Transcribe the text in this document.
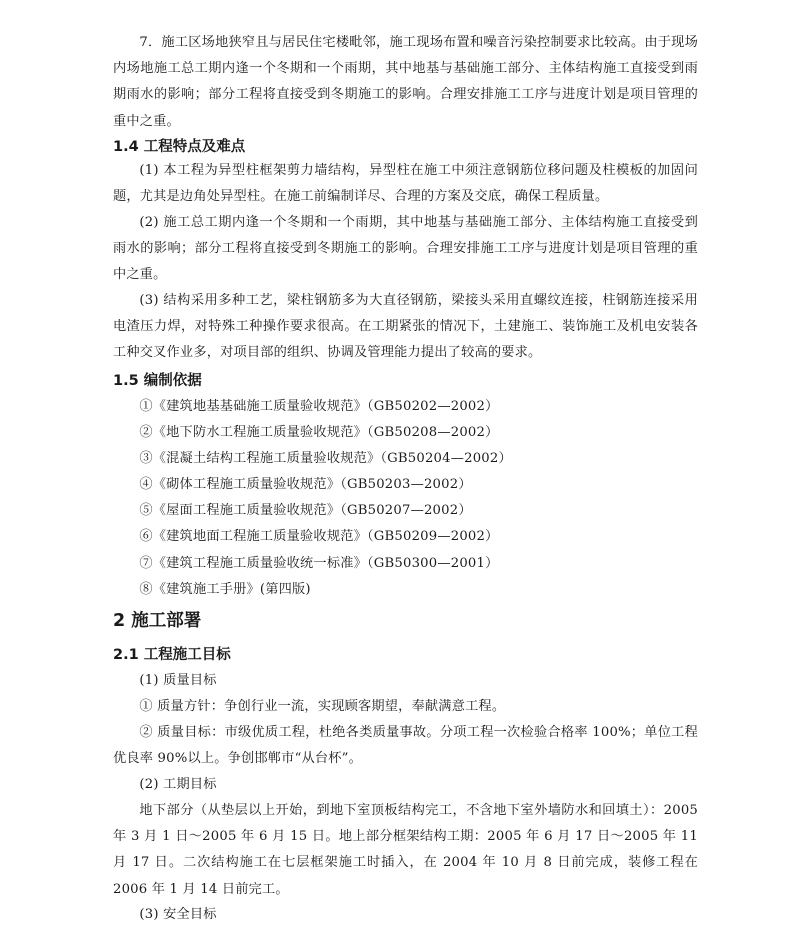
7．施工区场地狭窄且与居民住宅楼毗邻，施工现场布置和噪音污染控制要求比较高。由于现场内场地施工总工期内逢一个冬期和一个雨期，其中地基与基础施工部分、主体结构施工直接受到雨期雨水的影响；部分工程将直接受到冬期施工的影响。合理安排施工工序与进度计划是项目管理的重中之重。

1.4 工程特点及难点

(1) 本工程为异型柱框架剪力墙结构，异型柱在施工中须注意钢筋位移问题及柱模板的加固问题，尤其是边角处异型柱。在施工前编制详尽、合理的方案及交底，确保工程质量。

(2) 施工总工期内逢一个冬期和一个雨期，其中地基与基础施工部分、主体结构施工直接受到雨水的影响；部分工程将直接受到冬期施工的影响。合理安排施工工序与进度计划是项目管理的重中之重。

(3) 结构采用多种工艺，梁柱钢筋多为大直径钢筋，梁接头采用直螺纹连接，柱钢筋连接采用电渣压力焊，对特殊工种操作要求很高。在工期紧张的情况下，土建施工、装饰施工及机电安装各工种交叉作业多，对项目部的组织、协调及管理能力提出了较高的要求。

1.5 编制依据
①《建筑地基基础施工质量验收规范》（GB50202—2002）
②《地下防水工程施工质量验收规范》（GB50208—2002）
③《混凝土结构工程施工质量验收规范》（GB50204—2002）
④《砌体工程施工质量验收规范》（GB50203—2002）
⑤《屋面工程施工质量验收规范》（GB50207—2002）
⑥《建筑地面工程施工质量验收规范》（GB50209—2002）
⑦《建筑工程施工质量验收统一标准》（GB50300—2001）
⑧《建筑施工手册》(第四版)
2 施工部署
2.1 工程施工目标

(1) 质量目标

① 质量方针：争创行业一流，实现顾客期望，奉献满意工程。

② 质量目标：市级优质工程，杜绝各类质量事故。分项工程一次检验合格率 100%；单位工程优良率 90%以上。争创邯郸市“从台杯”。

(2) 工期目标

地下部分（从垫层以上开始，到地下室顶板结构完工，不含地下室外墙防水和回填土）：2005 年 3 月 1 日～2005 年 6 月 15 日。地上部分框架结构工期：2005 年 6 月 17 日～2005 年 11 月 17 日。二次结构施工在七层框架施工时插入，在 2004 年 10 月 8 日前完成，装修工程在 2006 年 1 月 14 日前完工。

(3) 安全目标
